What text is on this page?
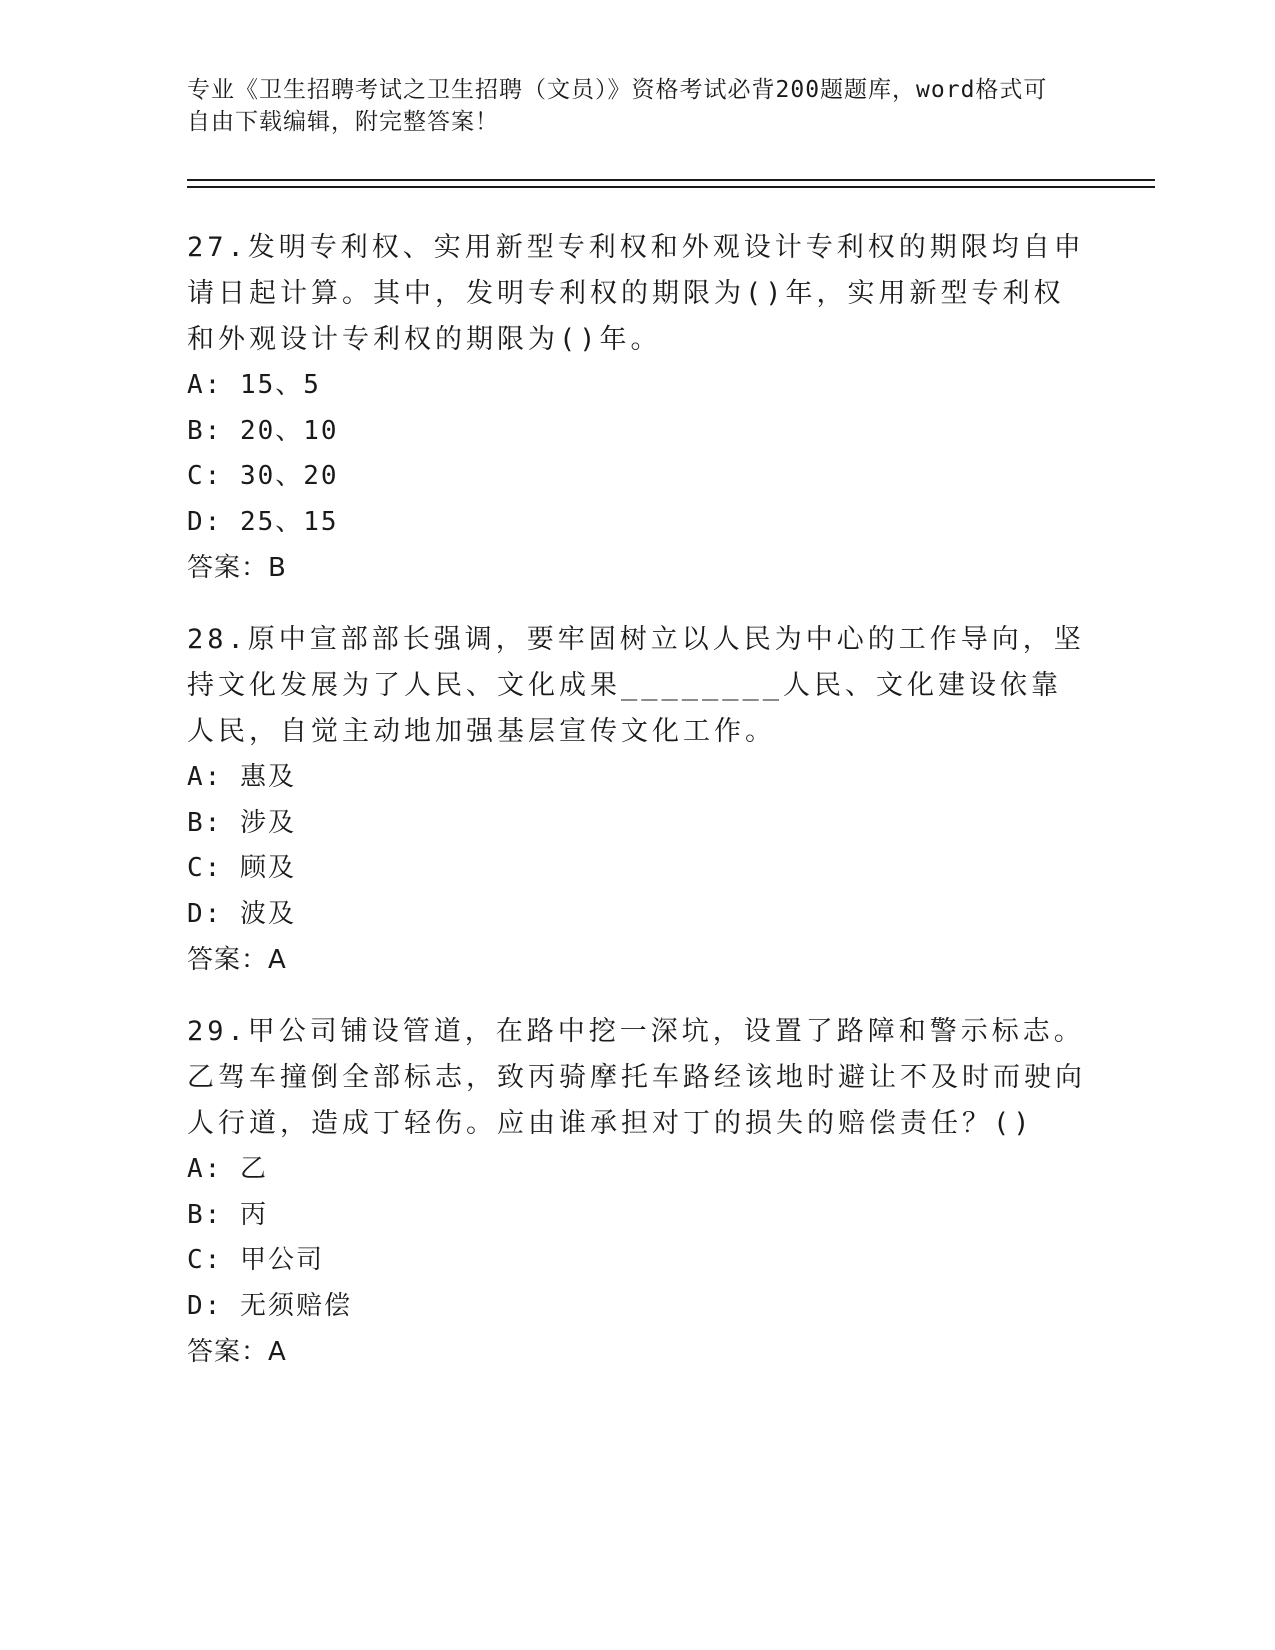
专业《卫生招聘考试之卫生招聘（文员）》资格考试必背200题题库，word格式可自由下载编辑，附完整答案！
27.发明专利权、实用新型专利权和外观设计专利权的期限均自申请日起计算。其中，发明专利权的期限为()年，实用新型专利权和外观设计专利权的期限为()年。
A: 15、5
B: 20、10
C: 30、20
D: 25、15
答案：B
28.原中宣部部长强调，要牢固树立以人民为中心的工作导向，坚持文化发展为了人民、文化成果________人民、文化建设依靠人民，自觉主动地加强基层宣传文化工作。
A: 惠及
B: 涉及
C: 顾及
D: 波及
答案：A
29.甲公司铺设管道，在路中挖一深坑，设置了路障和警示标志。乙驾车撞倒全部标志，致丙骑摩托车路经该地时避让不及时而驶向人行道，造成丁轻伤。应由谁承担对丁的损失的赔偿责任？()
A: 乙
B: 丙
C: 甲公司
D: 无须赔偿
答案：A
